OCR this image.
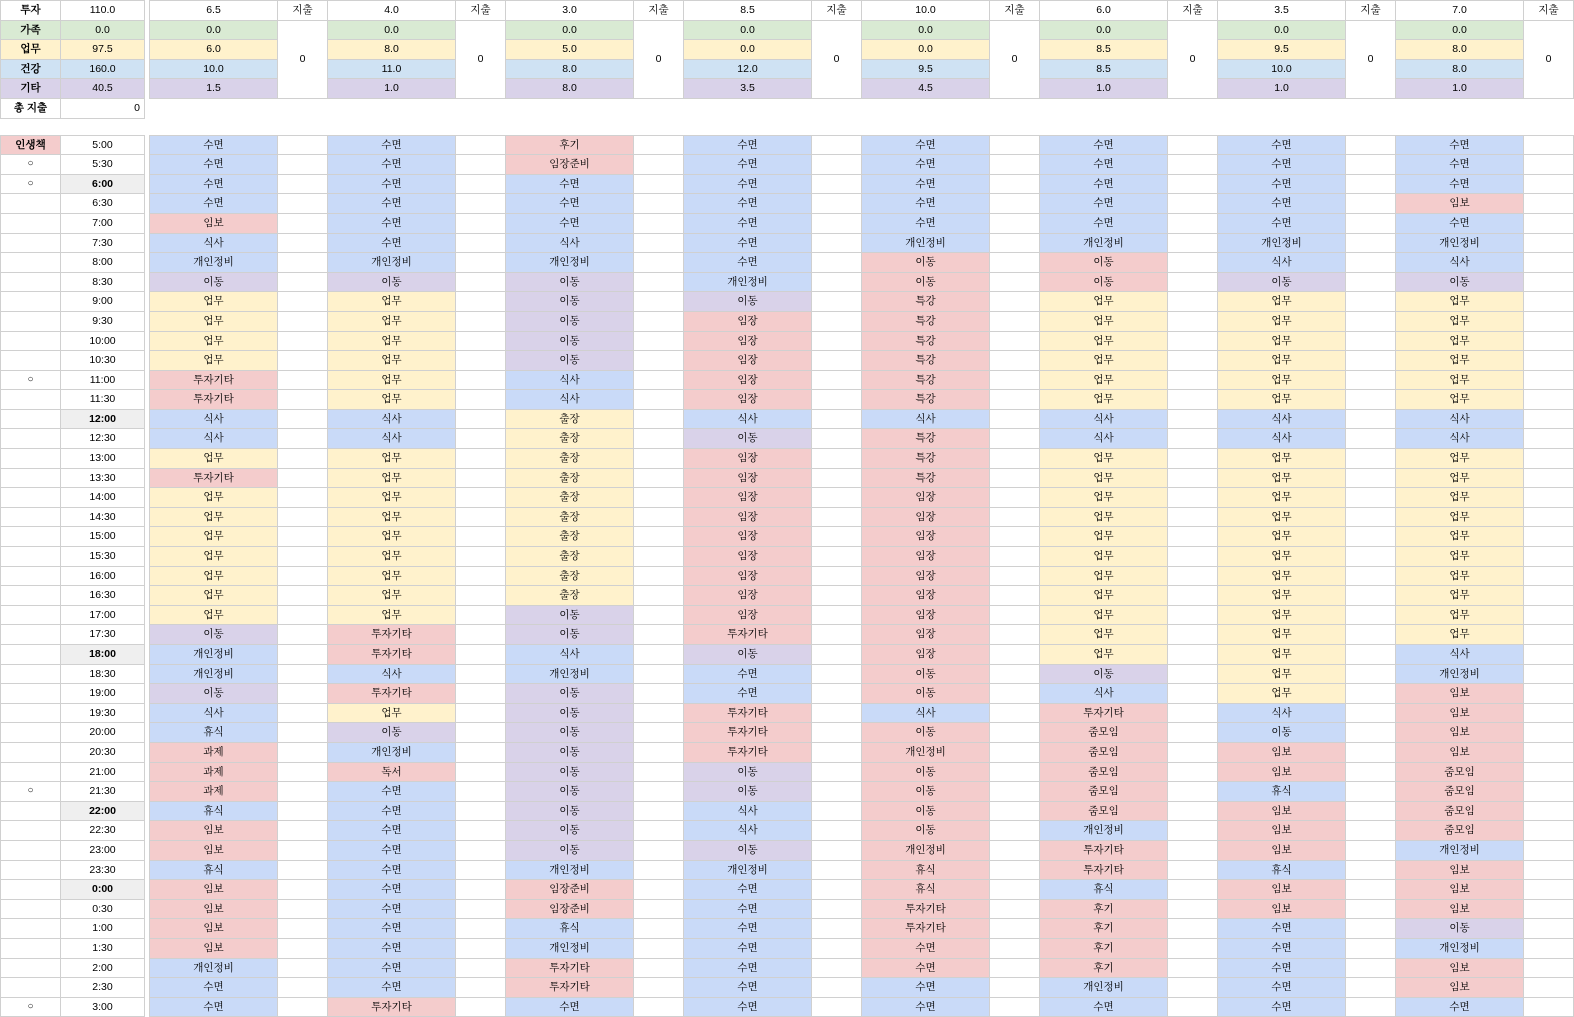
투자	110.0		6.5	지출	4.0	지출	3.0	지출	8.5	지출	10.0	지출	6.0	지출	3.5	지출	7.0	지출
가족	0.0		0.0	0	0.0	0	0.0	0	0.0	0	0.0	0	0.0	0	0.0	0	0.0	0
업무	97.5		6.0		8.0		5.0		0.0		0.0		8.5		9.5		8.0	
건강	160.0		10.0		11.0		8.0		12.0		9.5		8.5		10.0		8.0	
기타	40.5		1.5		1.0		8.0		3.5		4.5		1.0		1.0		1.0	
총 지출	0																	

인생책	5:00		수면		수면		후기		수면		수면		수면		수면		수면	
○	5:30		수면		수면		임장준비		수면		수면		수면		수면		수면	
○	6:00		수면		수면		수면		수면		수면		수면		수면		수면	
	6:30		수면		수면		수면		수면		수면		수면		수면		임보	
	7:00		임보		수면		수면		수면		수면		수면		수면		수면	
	7:30		식사		수면		식사		수면		개인정비		개인정비		개인정비		개인정비	
	8:00		개인정비		개인정비		개인정비		수면		이동		이동		식사		식사	
	8:30		이동		이동		이동		개인정비		이동		이동		이동		이동	
	9:00		업무		업무		이동		이동		특강		업무		업무		업무	
	9:30		업무		업무		이동		임장		특강		업무		업무		업무	
	10:00		업무		업무		이동		임장		특강		업무		업무		업무	
	10:30		업무		업무		이동		임장		특강		업무		업무		업무	
○	11:00		투자기타		업무		식사		임장		특강		업무		업무		업무	
	11:30		투자기타		업무		식사		임장		특강		업무		업무		업무	
	12:00		식사		식사		출장		식사		식사		식사		식사		식사	
	12:30		식사		식사		출장		이동		특강		식사		식사		식사	
	13:00		업무		업무		출장		임장		특강		업무		업무		업무	
	13:30		투자기타		업무		출장		임장		특강		업무		업무		업무	
	14:00		업무		업무		출장		임장		임장		업무		업무		업무	
	14:30		업무		업무		출장		임장		임장		업무		업무		업무	
	15:00		업무		업무		출장		임장		임장		업무		업무		업무	
	15:30		업무		업무		출장		임장		임장		업무		업무		업무	
	16:00		업무		업무		출장		임장		임장		업무		업무		업무	
	16:30		업무		업무		출장		임장		임장		업무		업무		업무	
	17:00		업무		업무		이동		임장		임장		업무		업무		업무	
	17:30		이동		투자기타		이동		투자기타		임장		업무		업무		업무	
	18:00		개인정비		투자기타		식사		이동		임장		업무		업무		식사	
	18:30		개인정비		식사		개인정비		수면		이동		이동		업무		개인정비	
	19:00		이동		투자기타		이동		수면		이동		식사		업무		임보	
	19:30		식사		업무		이동		투자기타		식사		투자기타		식사		임보	
	20:00		휴식		이동		이동		투자기타		이동		줌모임		이동		임보	
	20:30		과제		개인정비		이동		투자기타		개인정비		줌모임		임보		임보	
	21:00		과제		독서		이동		이동		이동		줌모임		임보		줌모임	
○	21:30		과제		수면		이동		이동		이동		줌모임		휴식		줌모임	
	22:00		휴식		수면		이동		식사		이동		줌모임		임보		줌모임	
	22:30		임보		수면		이동		식사		이동		개인정비		임보		줌모임	
	23:00		임보		수면		이동		이동		개인정비		투자기타		임보		개인정비	
	23:30		휴식		수면		개인정비		개인정비		휴식		투자기타		휴식		임보	
	0:00		임보		수면		임장준비		수면		휴식		휴식		임보		임보	
	0:30		임보		수면		임장준비		수면		투자기타		후기		임보		임보	
	1:00		임보		수면		휴식		수면		투자기타		후기		수면		이동	
	1:30		임보		수면		개인정비		수면		수면		후기		수면		개인정비	
	2:00		개인정비		수면		투자기타		수면		수면		후기		수면		임보	
	2:30		수면		수면		투자기타		수면		수면		개인정비		수면		임보	
○	3:00		수면		투자기타		수면		수면		수면		수면		수면		수면	
